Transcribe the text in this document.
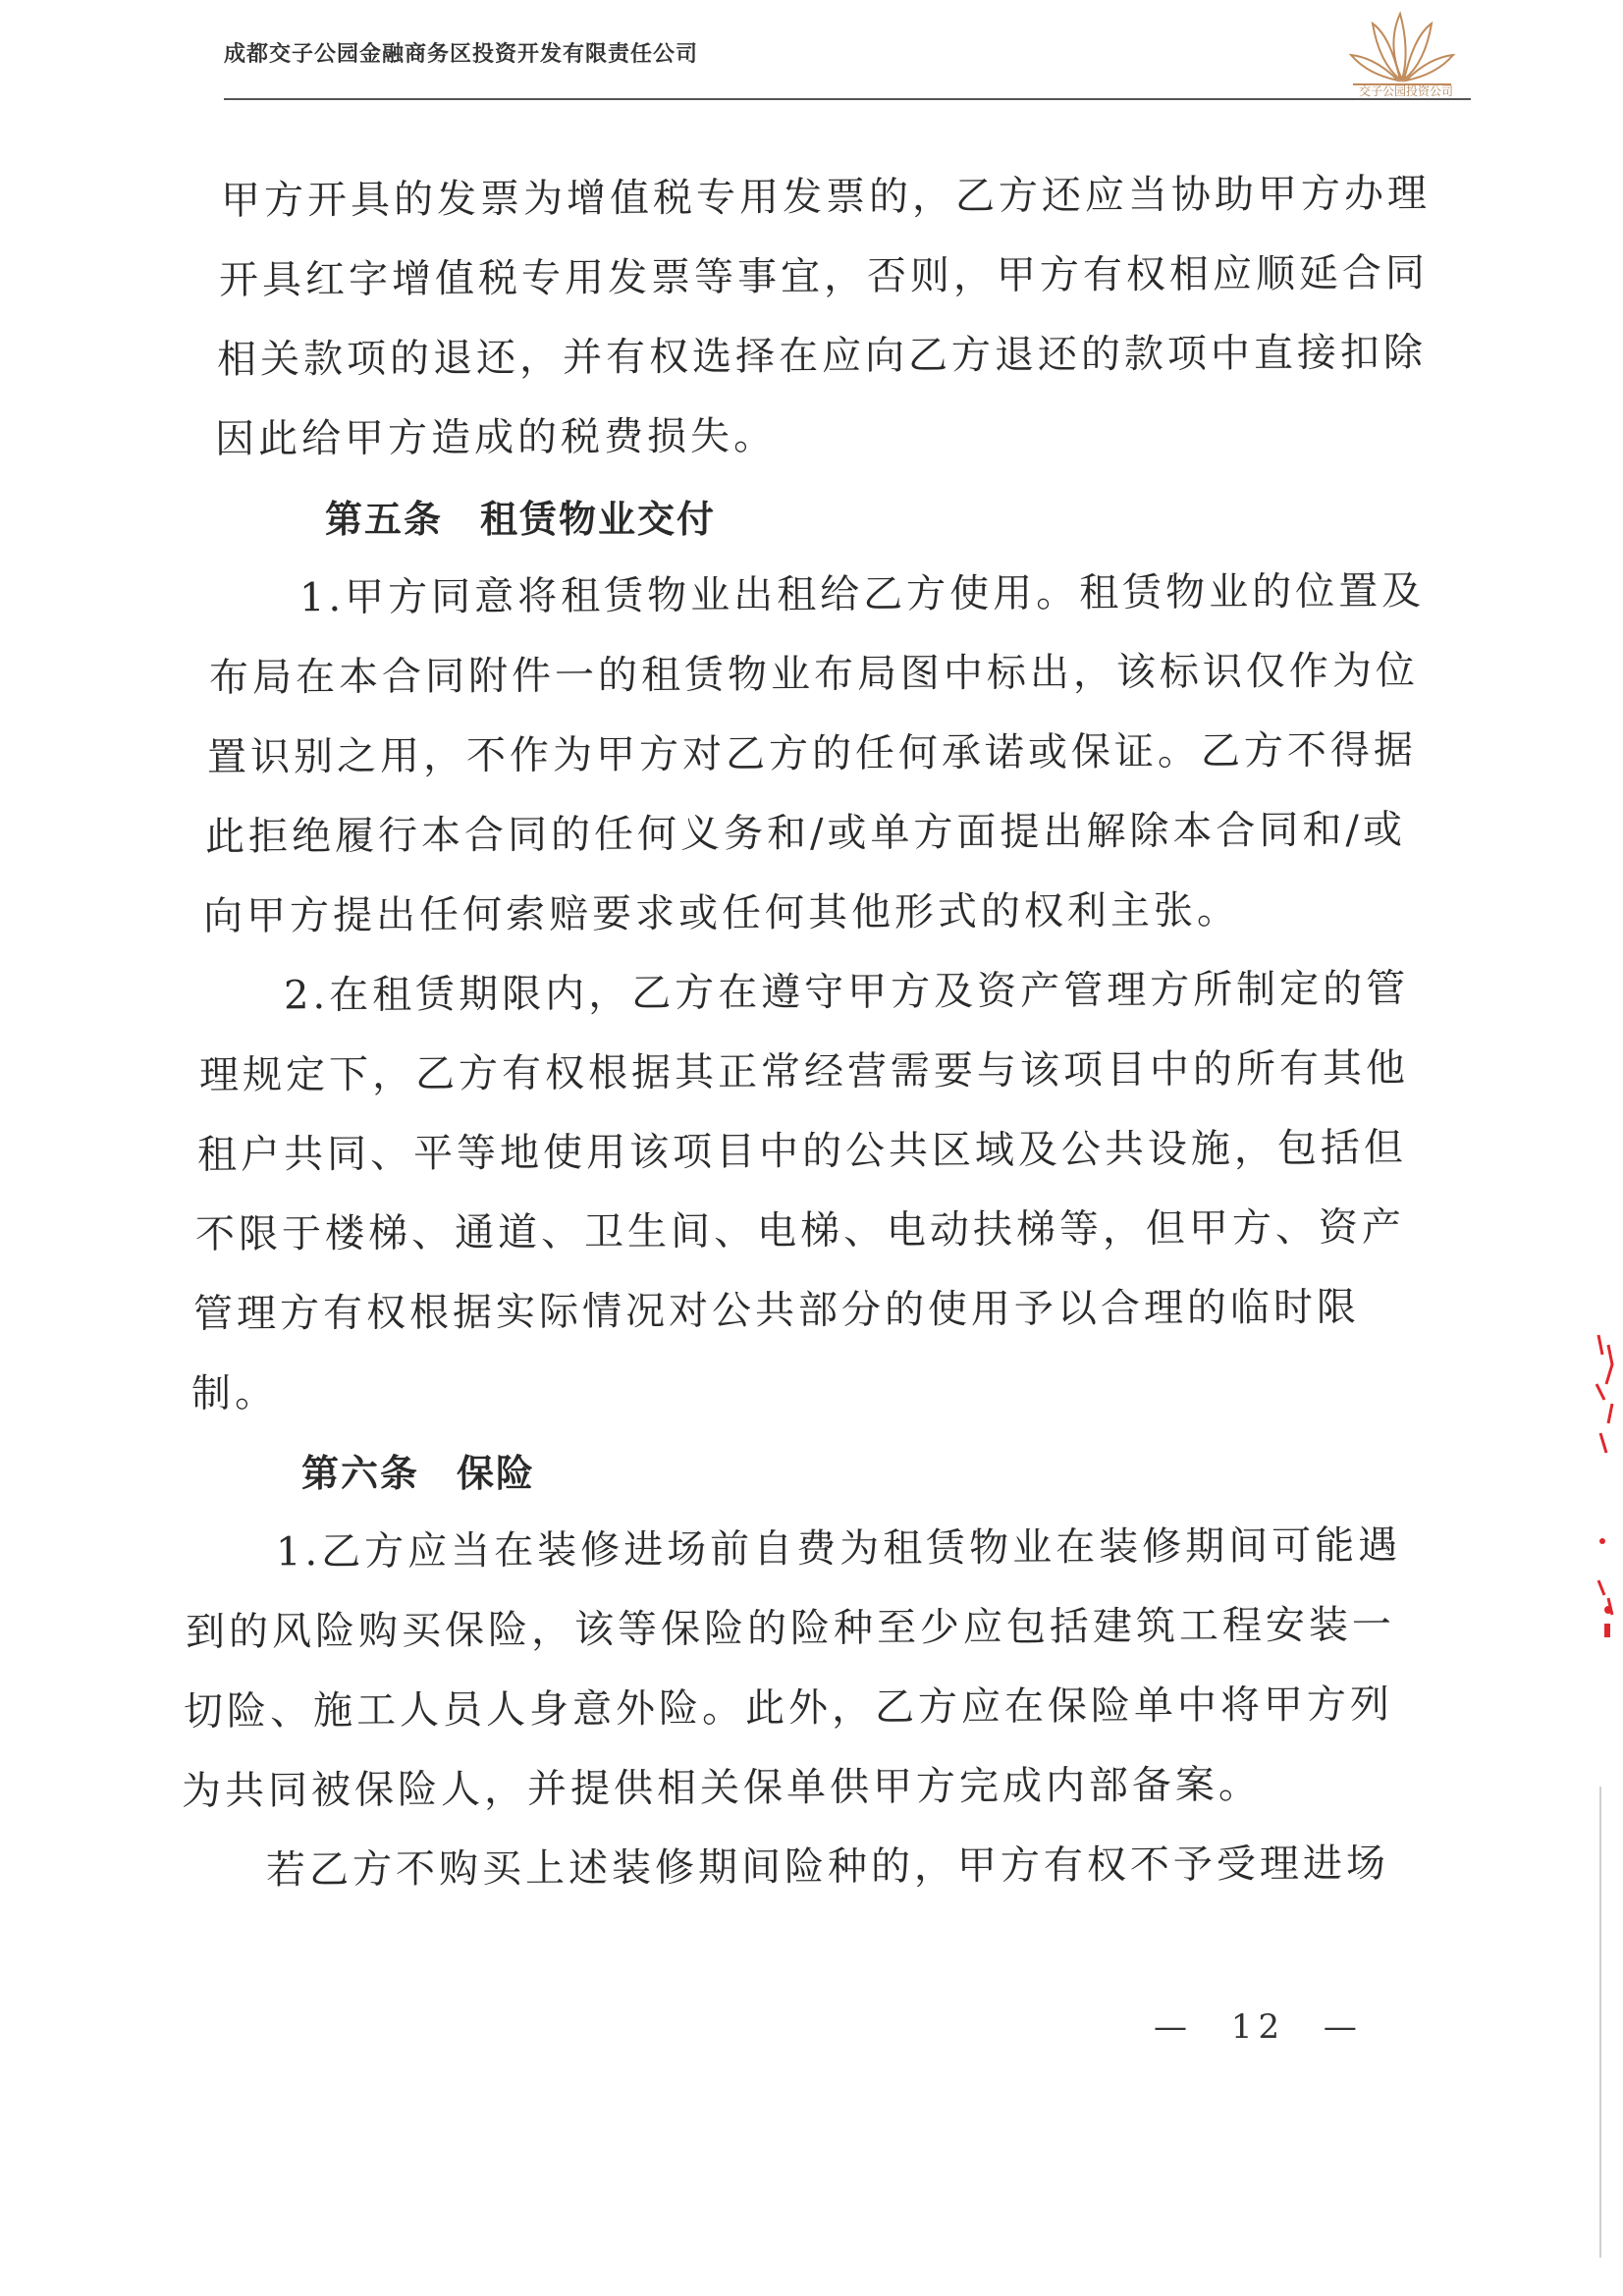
成都交子公园金融商务区投资开发有限责任公司
交子公园投资公司
甲方开具的发票为增值税专用发票的，乙方还应当协助甲方办理
开具红字增值税专用发票等事宜，否则，甲方有权相应顺延合同
相关款项的退还，并有权选择在应向乙方退还的款项中直接扣除
因此给甲方造成的税费损失。
第五条 租赁物业交付
1.甲方同意将租赁物业出租给乙方使用。租赁物业的位置及
布局在本合同附件一的租赁物业布局图中标出，该标识仅作为位
置识别之用，不作为甲方对乙方的任何承诺或保证。乙方不得据
此拒绝履行本合同的任何义务和/或单方面提出解除本合同和/或
向甲方提出任何索赔要求或任何其他形式的权利主张。
2.在租赁期限内，乙方在遵守甲方及资产管理方所制定的管
理规定下，乙方有权根据其正常经营需要与该项目中的所有其他
租户共同、平等地使用该项目中的公共区域及公共设施，包括但
不限于楼梯、通道、卫生间、电梯、电动扶梯等，但甲方、资产
管理方有权根据实际情况对公共部分的使用予以合理的临时限
制。
第六条 保险
1.乙方应当在装修进场前自费为租赁物业在装修期间可能遇
到的风险购买保险，该等保险的险种至少应包括建筑工程安装一
切险、施工人员人身意外险。此外，乙方应在保险单中将甲方列
为共同被保险人，并提供相关保单供甲方完成内部备案。
若乙方不购买上述装修期间险种的，甲方有权不予受理进场
— 12 —
